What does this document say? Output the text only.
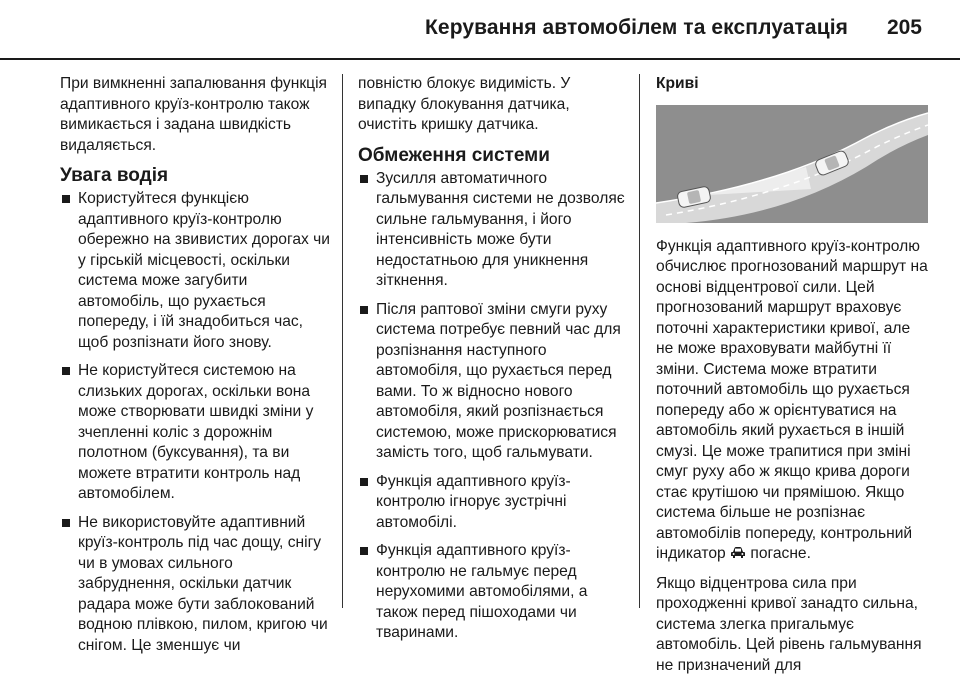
Керування автомобілем та експлуатація 205

При вимкненні запалювання функція адаптивного круїз-контролю також вимикається і задана швидкість видаляється.

Увага водія
Користуйтеся функцією адаптивного круїз-контролю обережно на звивистих дорогах чи у гірській місцевості, оскільки система може загубити автомобіль, що рухається попереду, і їй знадобиться час, щоб розпізнати його знову.
Не користуйтеся системою на слизьких дорогах, оскільки вона може створювати швидкі зміни у зчепленні коліс з дорожнім полотном (буксування), та ви можете втратити контроль над автомобілем.
Не використовуйте адаптивний круїз-контроль під час дощу, снігу чи в умовах сильного забруднення, оскільки датчик радара може бути заблокований водною плівкою, пилом, кригою чи снігом. Це зменшує чи

повністю блокує видимість. У випадку блокування датчика, очистіть кришку датчика.

Обмеження системи
Зусилля автоматичного гальмування системи не дозволяє сильне гальмування, і його інтенсивність може бути недостатньою для уникнення зіткнення.
Після раптової зміни смуги руху система потребує певний час для розпізнання наступного автомобіля, що рухається перед вами. То ж відносно нового автомобіля, який розпізнається системою, може прискорюватися замість того, щоб гальмувати.
Функція адаптивного круїз-контролю ігнорує зустрічні автомобілі.
Функція адаптивного круїз-контролю не гальмує перед нерухомими автомобілями, а також перед пішоходами чи тваринами.
Криві

Функція адаптивного круїз-контролю обчислює прогнозований маршрут на основі відцентрової сили. Цей прогнозований маршрут враховує поточні характеристики кривої, але не може враховувати майбутні її зміни. Система може втратити поточний автомобіль що рухається попереду або ж орієнтуватися на автомобіль який рухається в іншій смузі. Це може трапитися при зміні смуг руху або ж якщо крива дороги стає крутішою чи прямішою. Якщо система більше не розпізнає автомобілів попереду, контрольний індикатор погасне.

Якщо відцентрова сила при проходженні кривої занадто сильна, система злегка пригальмує автомобіль. Цей рівень гальмування не призначений для
